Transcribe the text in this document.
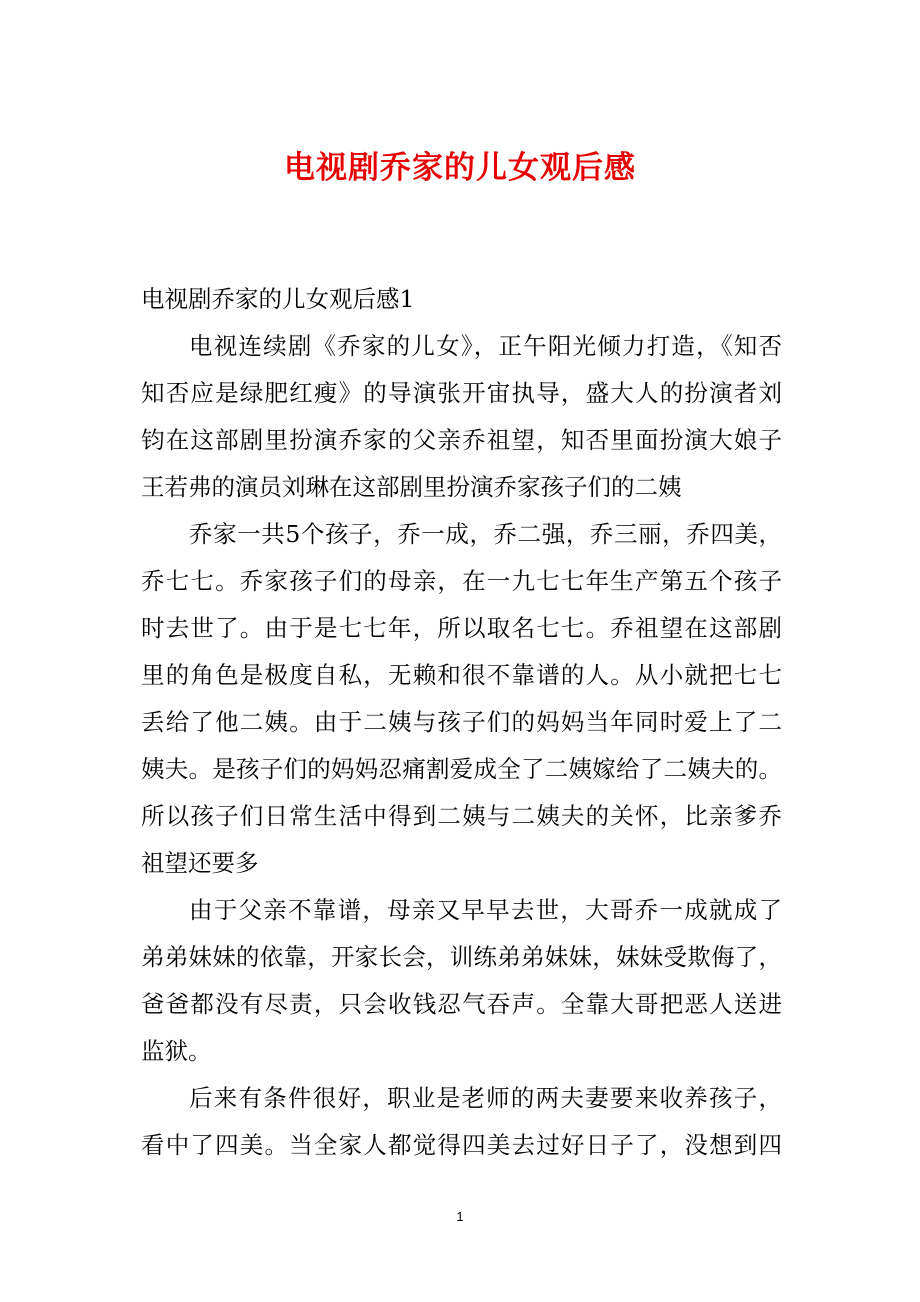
电视剧乔家的儿女观后感
电视剧乔家的儿女观后感1
电视连续剧《乔家的儿女》，正午阳光倾力打造，《知否
知否应是绿肥红瘦》的导演张开宙执导，盛大人的扮演者刘
钧在这部剧里扮演乔家的父亲乔祖望，知否里面扮演大娘子
王若弗的演员刘琳在这部剧里扮演乔家孩子们的二姨
乔家一共5个孩子，乔一成，乔二强，乔三丽，乔四美，
乔七七。乔家孩子们的母亲，在一九七七年生产第五个孩子
时去世了。由于是七七年，所以取名七七。乔祖望在这部剧
里的角色是极度自私，无赖和很不靠谱的人。从小就把七七
丢给了他二姨。由于二姨与孩子们的妈妈当年同时爱上了二
姨夫。是孩子们的妈妈忍痛割爱成全了二姨嫁给了二姨夫的。
所以孩子们日常生活中得到二姨与二姨夫的关怀，比亲爹乔
祖望还要多
由于父亲不靠谱，母亲又早早去世，大哥乔一成就成了
弟弟妹妹的依靠，开家长会，训练弟弟妹妹，妹妹受欺侮了，
爸爸都没有尽责，只会收钱忍气吞声。全靠大哥把恶人送进
监狱。
后来有条件很好，职业是老师的两夫妻要来收养孩子，
看中了四美。当全家人都觉得四美去过好日子了，没想到四
1
